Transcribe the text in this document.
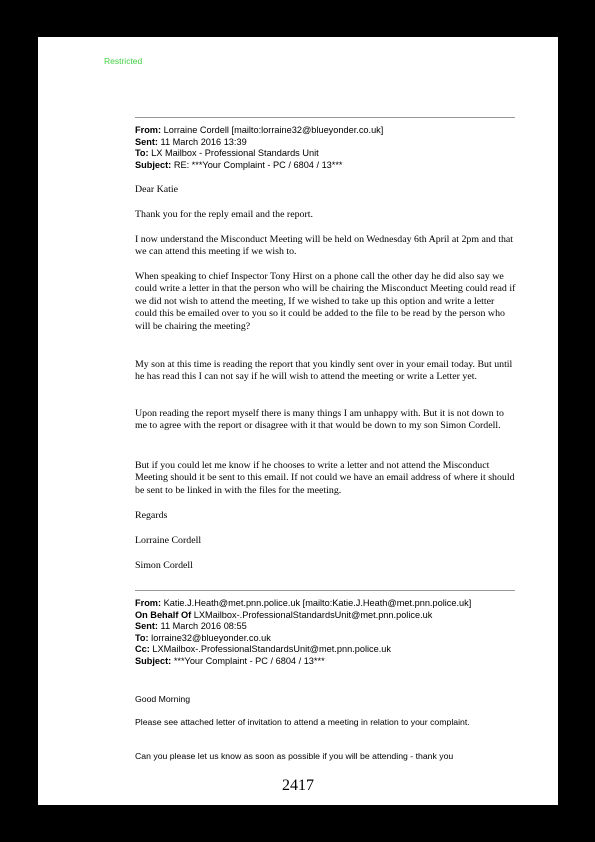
Restricted
From: Lorraine Cordell [mailto:lorraine32@blueyonder.co.uk]
Sent: 11 March 2016 13:39
To: LX Mailbox - Professional Standards Unit
Subject: RE: ***Your Complaint - PC / 6804 / 13***
Dear Katie
Thank you for the reply email and the report.
I now understand the Misconduct Meeting will be held on Wednesday 6th April at 2pm and that we can attend this meeting if we wish to.
When speaking to chief Inspector Tony Hirst on a phone call the other day he did also say we could write a letter in that the person who will be chairing the Misconduct Meeting could read if we did not wish to attend the meeting, If we wished to take up this option and write a letter could this be emailed over to you so it could be added to the file to be read by the person who will be chairing the meeting?
My son at this time is reading the report that you kindly sent over in your email today. But until he has read this I can not say if he will wish to attend the meeting or write a Letter yet.
Upon reading the report myself there is many things I am unhappy with. But it is not down to me to agree with the report or disagree with it that would be down to my son Simon Cordell.
But if you could let me know if he chooses to write a letter and not attend the Misconduct Meeting should it be sent to this email. If not could we have an email address of where it should be sent to be linked in with the files for the meeting.
Regards
Lorraine Cordell
Simon Cordell
From: Katie.J.Heath@met.pnn.police.uk [mailto:Katie.J.Heath@met.pnn.police.uk]
On Behalf Of LXMailbox-.ProfessionalStandardsUnit@met.pnn.police.uk
Sent: 11 March 2016 08:55
To: lorraine32@blueyonder.co.uk
Cc: LXMailbox-.ProfessionalStandardsUnit@met.pnn.police.uk
Subject: ***Your Complaint - PC / 6804 / 13***
Good Morning
Please see attached letter of invitation to attend a meeting in relation to your complaint.
Can you please let us know as soon as possible if you will be attending - thank you
2417
